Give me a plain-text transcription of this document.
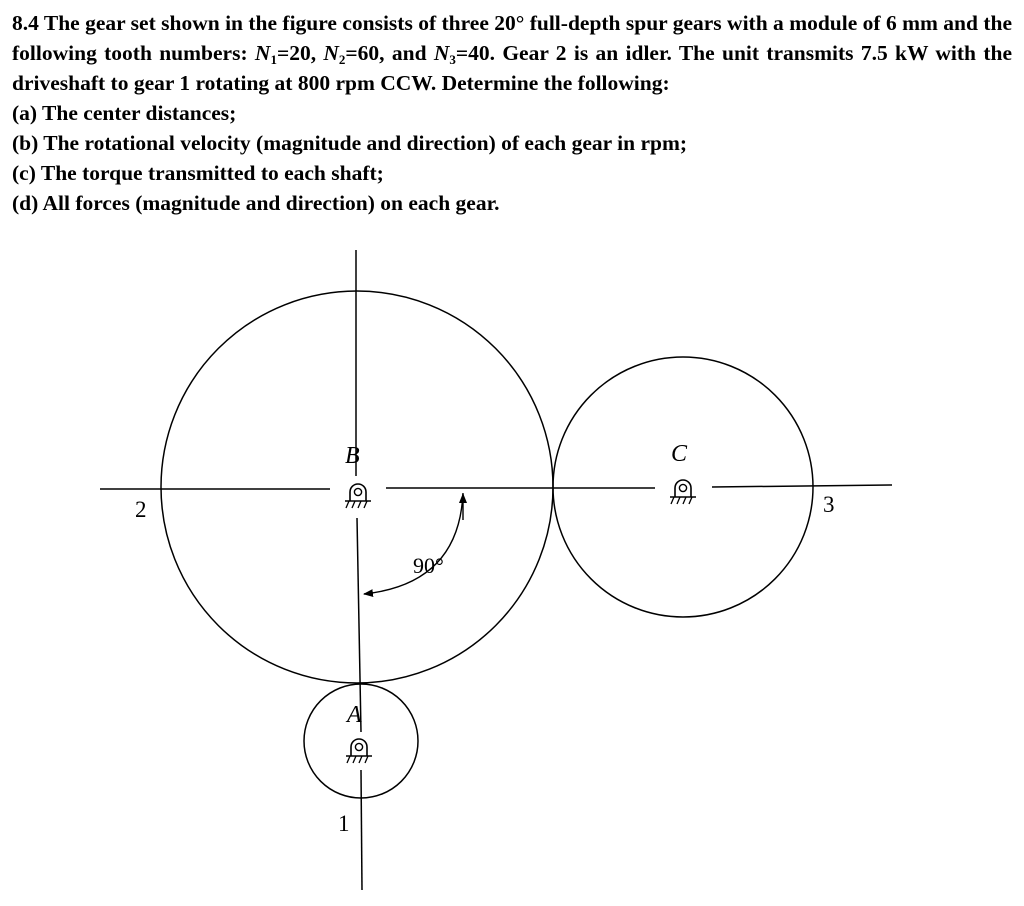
8.4 The gear set shown in the figure consists of three 20° full-depth spur gears with a module of 6 mm and the following tooth numbers: $N_1=20$, $N_2=60$, and $N_3=40$. Gear 2 is an idler. The unit transmits 7.5 kW with the driveshaft to gear 1 rotating at 800 rpm CCW. Determine the following:
(a) The center distances;
(b) The rotational velocity (magnitude and direction) of each gear in rpm;
(c) The torque transmitted to each shaft;
(d) All forces (magnitude and direction) on each gear.
B	C
A
2	3
1
90°
